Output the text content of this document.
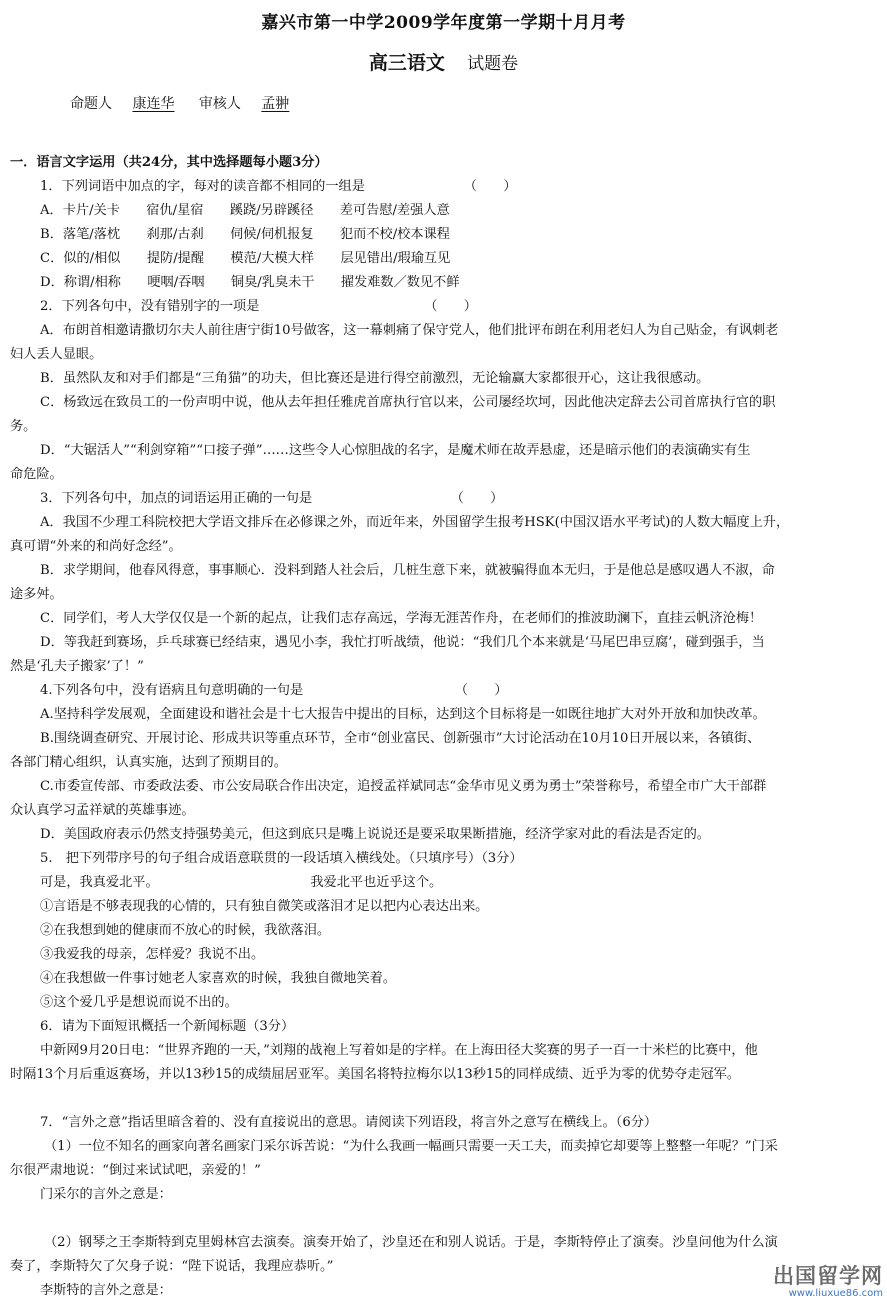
嘉兴市第一中学2009学年度第一学期十月月考
高三语文 试题卷
命题人 康连华 审核人 孟翀
一．语言文字运用（共24分，其中选择题每小题3分）
1．下列词语中加点的字，每对的读音都不相同的一组是　　　　　　　　（　　）
A．卡片/关卡　　宿仇/星宿　　蹊跷/另辟蹊径　　差可告慰/差强人意
B．落笔/落枕　　刹那/古刹　　伺候/伺机报复　　犯而不校/校本课程
C．似的/相似　　提防/提醒　　模范/大模大样　　层见错出/瑕瑜互见
D．称谓/相称　　哽咽/吞咽　　铜臭/乳臭未干　　擢发难数／数见不鲜
2．下列各句中，没有错别字的一项是　　　　　　　　　　　　　（　　）
A．布朗首相邀请撒切尔夫人前往唐宁街10号做客，这一幕刺痛了保守党人，他们批评布朗在利用老妇人为自己贴金，有讽刺老
妇人丢人显眼。
B．虽然队友和对手们都是“三角猫”的功夫，但比赛还是进行得空前激烈，无论输赢大家都很开心，这让我很感动。
C．杨致远在致员工的一份声明中说，他从去年担任雅虎首席执行官以来，公司屡经坎坷，因此他决定辞去公司首席执行官的职
务。
D．“大锯活人”“利剑穿箱”“口接子弹”……这些令人心惊胆战的名字，是魔术师在故弄悬虚，还是暗示他们的表演确实有生
命危险。
3．下列各句中，加点的词语运用正确的一句是　　　　　　　　　　　（　　）
A．我国不少理工科院校把大学语文排斥在必修课之外，而近年来，外国留学生报考HSK(中国汉语水平考试)的人数大幅度上升，
真可谓“外来的和尚好念经”。
B．求学期间，他春风得意，事事顺心．没料到踏人社会后，几桩生意下来，就被骗得血本无归，于是他总是感叹遇人不淑，命
途多舛。
C．同学们，考人大学仅仅是一个新的起点，让我们志存高远，学海无涯苦作舟，在老师们的推波助澜下，直挂云帆济沧梅！
D．等我赶到赛场，乒乓球赛已经结束，遇见小李，我忙打听战绩，他说：“我们几个本来就是‘马尾巴串豆腐’，碰到强手，当
然是‘孔夫子搬家’了！”
4.下列各句中，没有语病且句意明确的一句是　　　　　　　　　　　　（　　）
A.坚持科学发展观，全面建设和谐社会是十七大报告中提出的目标，达到这个目标将是一如既往地扩大对外开放和加快改革。
B.围绕调查研究、开展讨论、形成共识等重点环节，全市“创业富民、创新强市”大讨论活动在10月10日开展以来，各镇街、
各部门精心组织，认真实施，达到了预期目的。
C.市委宣传部、市委政法委、市公安局联合作出决定，追授孟祥斌同志“金华市见义勇为勇士”荣誉称号，希望全市广大干部群
众认真学习孟祥斌的英雄事迹。
D．美国政府表示仍然支持强势美元，但这到底只是嘴上说说还是要采取果断措施，经济学家对此的看法是否定的。
5.　把下列带序号的句子组合成语意联贯的一段话填入横线处。（只填序号）（3分）
可是，我真爱北平。　　　　　　　　　　　　我爱北平也近乎这个。
①言语是不够表现我的心情的，只有独自微笑或落泪才足以把内心表达出来。
②在我想到她的健康而不放心的时候，我欲落泪。
③我爱我的母亲，怎样爱？我说不出。
④在我想做一件事讨她老人家喜欢的时候，我独自微地笑着。
⑤这个爱几乎是想说而说不出的。
6．请为下面短讯概括一个新闻标题（3分）
中新网9月20日电：“世界齐跑的一天，”刘翔的战袍上写着如是的字样。在上海田径大奖赛的男子一百一十米栏的比赛中，他
时隔13个月后重返赛场，并以13秒15的成绩屈居亚军。美国名将特拉梅尔以13秒15的同样成绩、近乎为零的优势夺走冠军。
7．“言外之意”指话里暗含着的、没有直接说出的意思。请阅读下列语段，将言外之意写在横线上。（6分）
（1）一位不知名的画家向著名画家门采尔诉苦说：“为什么我画一幅画只需要一天工夫，而卖掉它却要等上整整一年呢？”门采
尔很严肃地说：“倒过来试试吧，亲爱的！”
门采尔的言外之意是：
（2）钢琴之王李斯特到克里姆林宫去演奏。演奏开始了，沙皇还在和别人说话。于是，李斯特停止了演奏。沙皇问他为什么演
奏了，李斯特欠了欠身子说：“陛下说话，我理应恭听。”
李斯特的言外之意是：
出国留学网
www.liuxue86.com
